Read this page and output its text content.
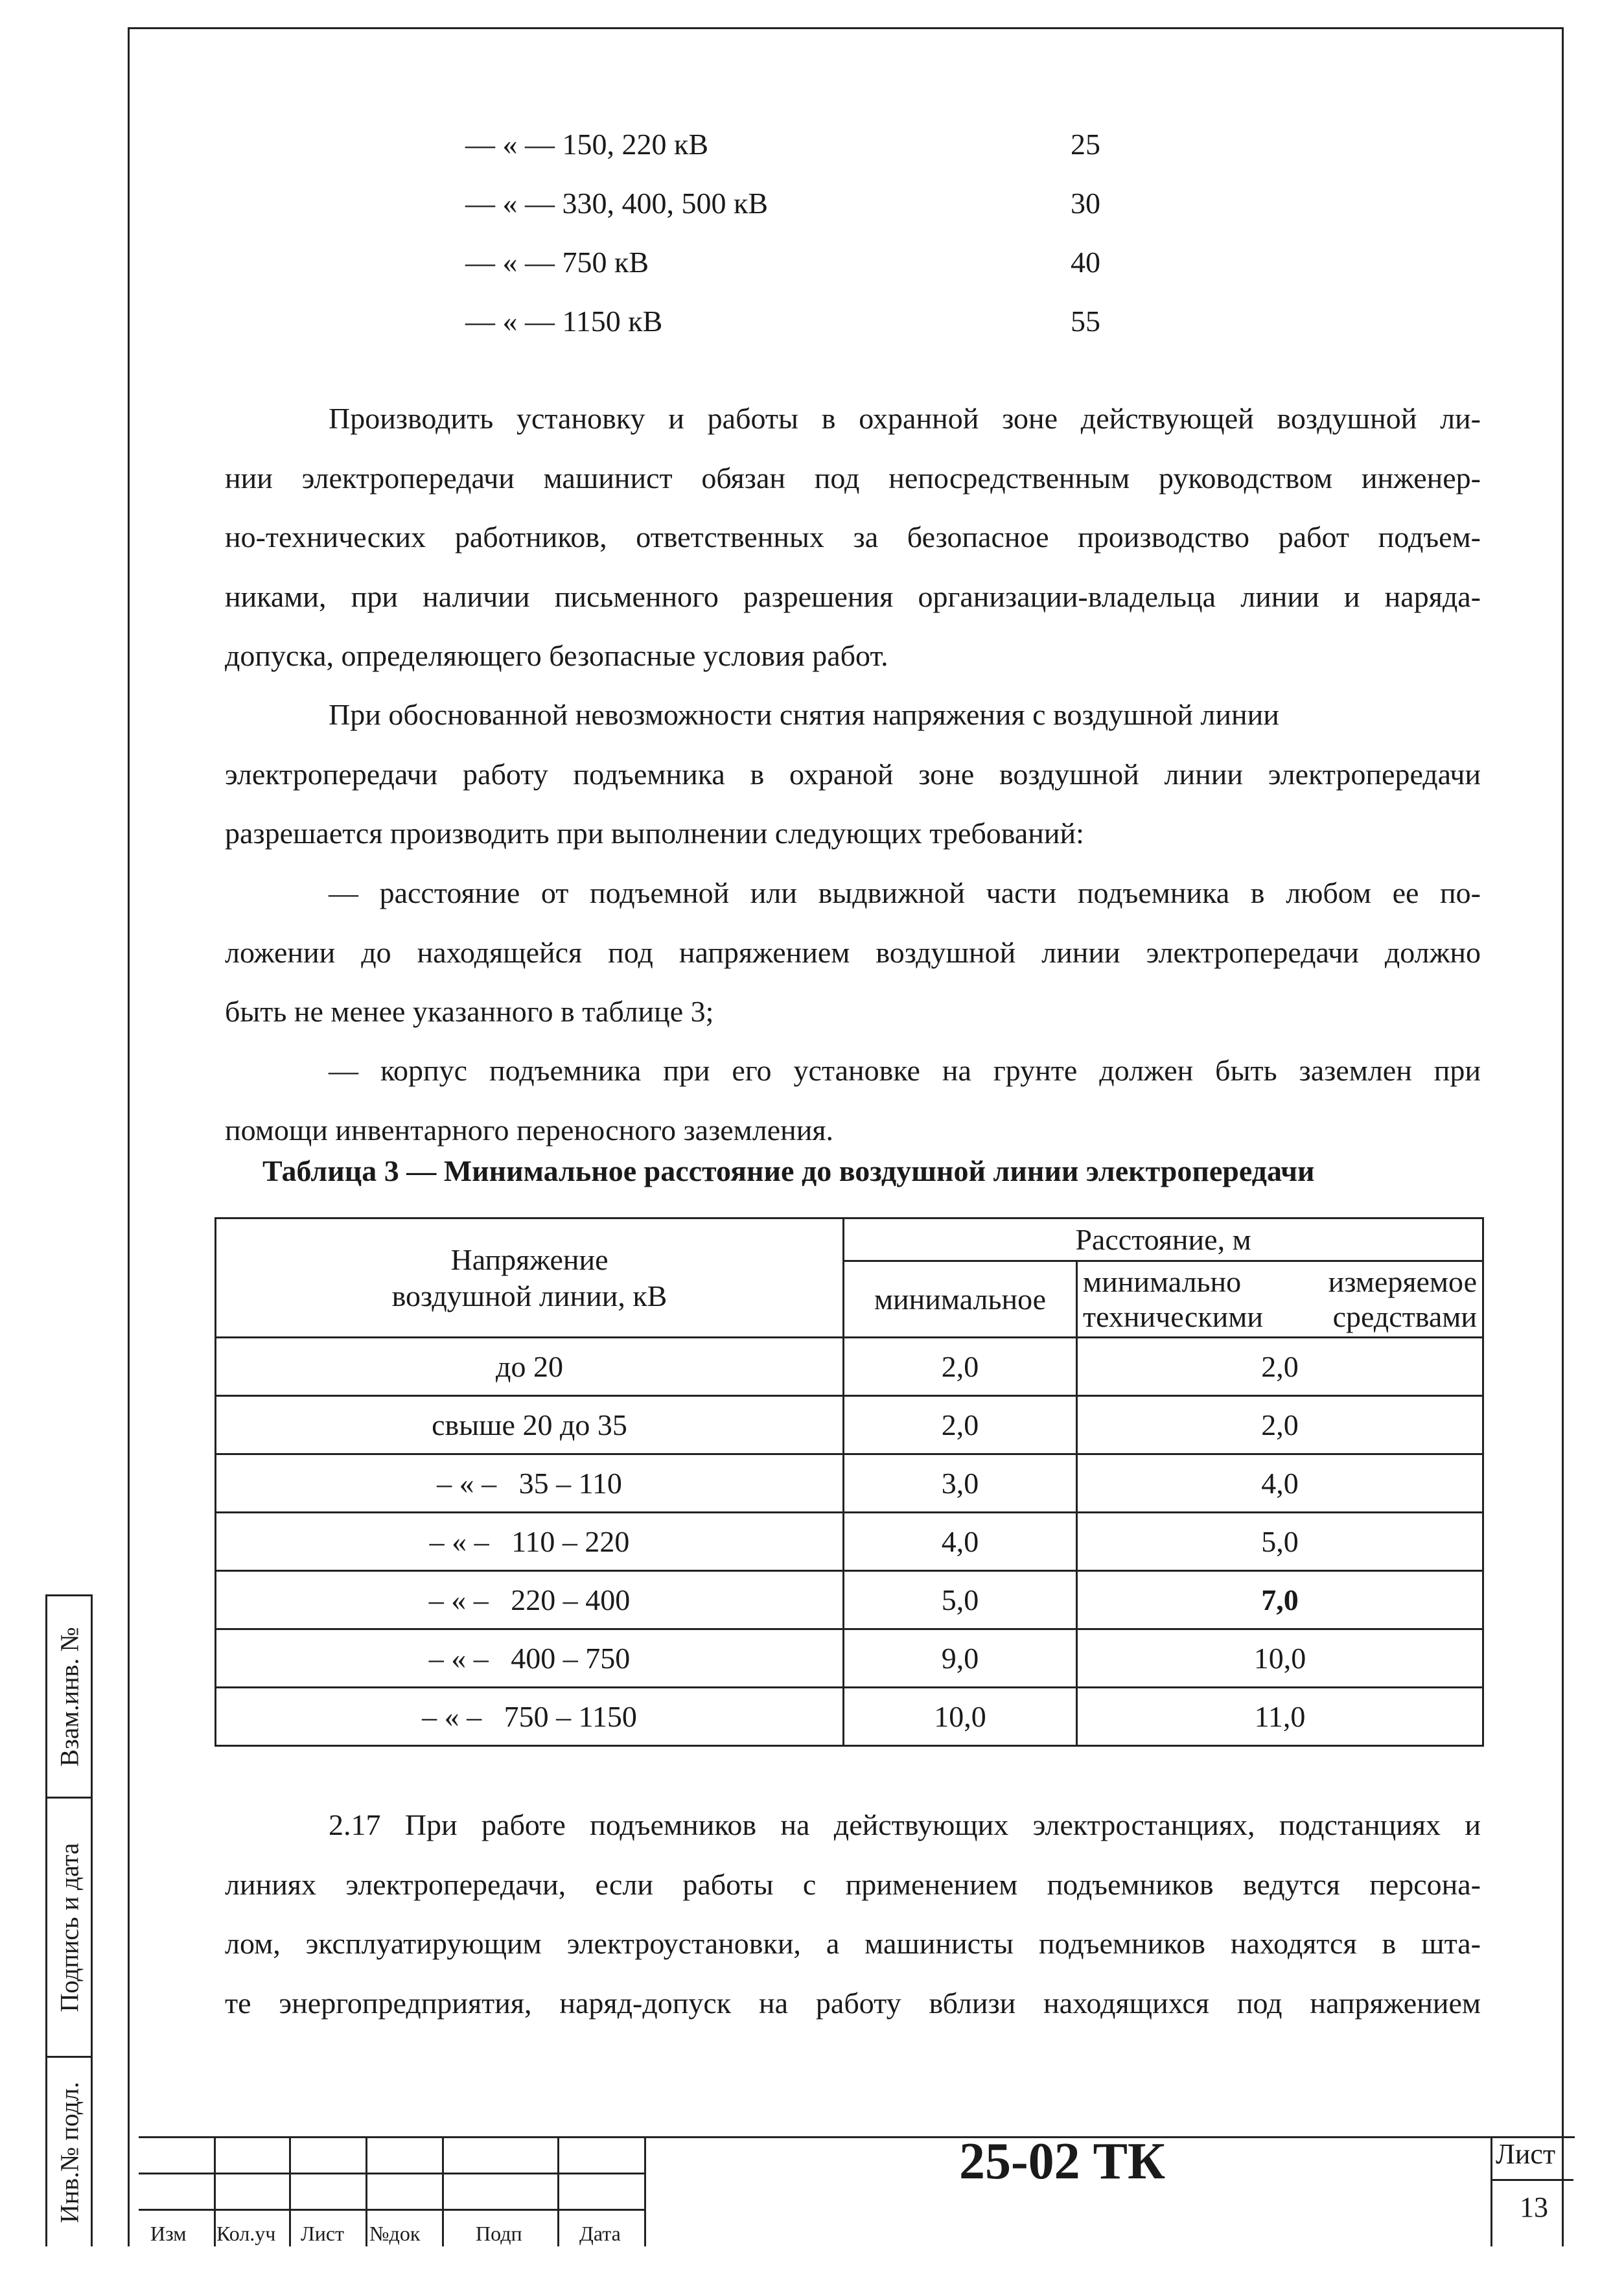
— « — 150, 220 кВ	25
— « — 330, 400, 500 кВ	30
— « — 750 кВ	40
— « — 1150 кВ	55
Производить установку и работы в охранной зоне действующей воздушной ли-
нии электропередачи машинист обязан под непосредственным руководством инженер-
но-технических работников, ответственных за безопасное производство работ подъем-
никами, при наличии письменного разрешения организации-владельца линии и наряда-
допуска, определяющего безопасные условия работ.
При обоснованной невозможности снятия напряжения с воздушной линии
электропередачи работу подъемника в охраной зоне воздушной линии электропередачи
разрешается производить при выполнении следующих требований:
— расстояние от подъемной или выдвижной части подъемника в любом ее по-
ложении до находящейся под напряжением воздушной линии электропередачи должно
быть не менее указанного в таблице 3;
— корпус подъемника при его установке на грунте должен быть заземлен при
помощи инвентарного переносного заземления.
Таблица 3 — Минимальное расстояние до воздушной линии электропередачи
Напряжение
воздушной линии, кВ	Расстояние, м	
	минимальное	минимально измеряемое
техническими средствами
до 20	2,0	2,0
свыше 20 до 35	2,0	2,0
– « –   35 – 110	3,0	4,0
– « –   110 – 220	4,0	5,0
– « –   220 – 400	5,0	7,0
– « –   400 – 750	9,0	10,0
– « –   750 – 1150	10,0	11,0
2.17 При работе подъемников на действующих электростанциях, подстанциях и
линиях электропередачи, если работы с применением подъемников ведутся персона-
лом, эксплуатирующим электроустановки, а машинисты подъемников находятся в шта-
те энергопредприятия, наряд-допуск на работу вблизи находящихся под напряжением
Взам.инв. №
Подпись и дата
Инв.№ подл.
Изм Кол.уч Лист №док	Подп	Дата
25-02 ТК	Лист
13
